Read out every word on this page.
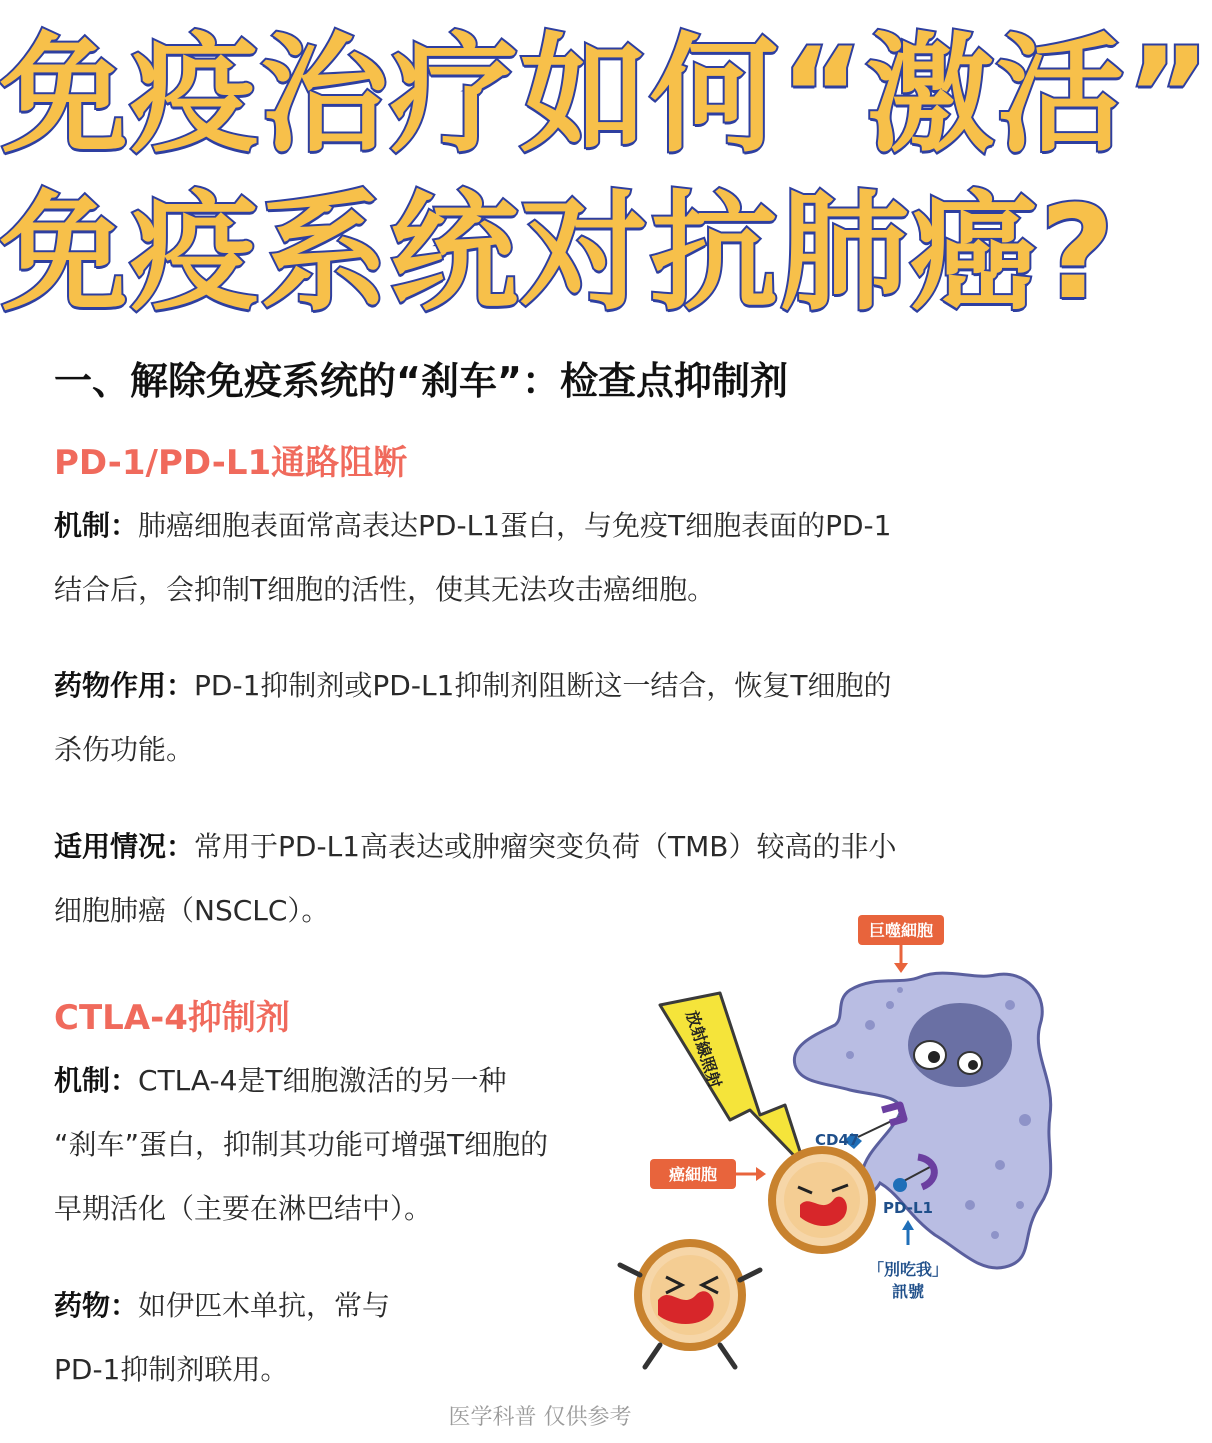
免疫治疗如何“激活”
免疫系统对抗肺癌?
一、解除免疫系统的“刹车”：检查点抑制剂
PD-1/PD-L1通路阻断
机制：肺癌细胞表面常高表达PD-L1蛋白，与免疫T细胞表面的PD-1
结合后，会抑制T细胞的活性，使其无法攻击癌细胞。
药物作用：PD-1抑制剂或PD-L1抑制剂阻断这一结合，恢复T细胞的
杀伤功能。
适用情况：常用于PD-L1高表达或肿瘤突变负荷（TMB）较高的非小
细胞肺癌（NSCLC）。
CTLA-4抑制剂
机制：CTLA-4是T细胞激活的另一种
“刹车”蛋白，抑制其功能可增强T细胞的
早期活化（主要在淋巴结中）。
药物：如伊匹木单抗，常与
PD-1抑制剂联用。
巨噬細胞
放射線照射
CD47
PD-L1
「別吃我」
訊號
癌細胞
医学科普 仅供参考
